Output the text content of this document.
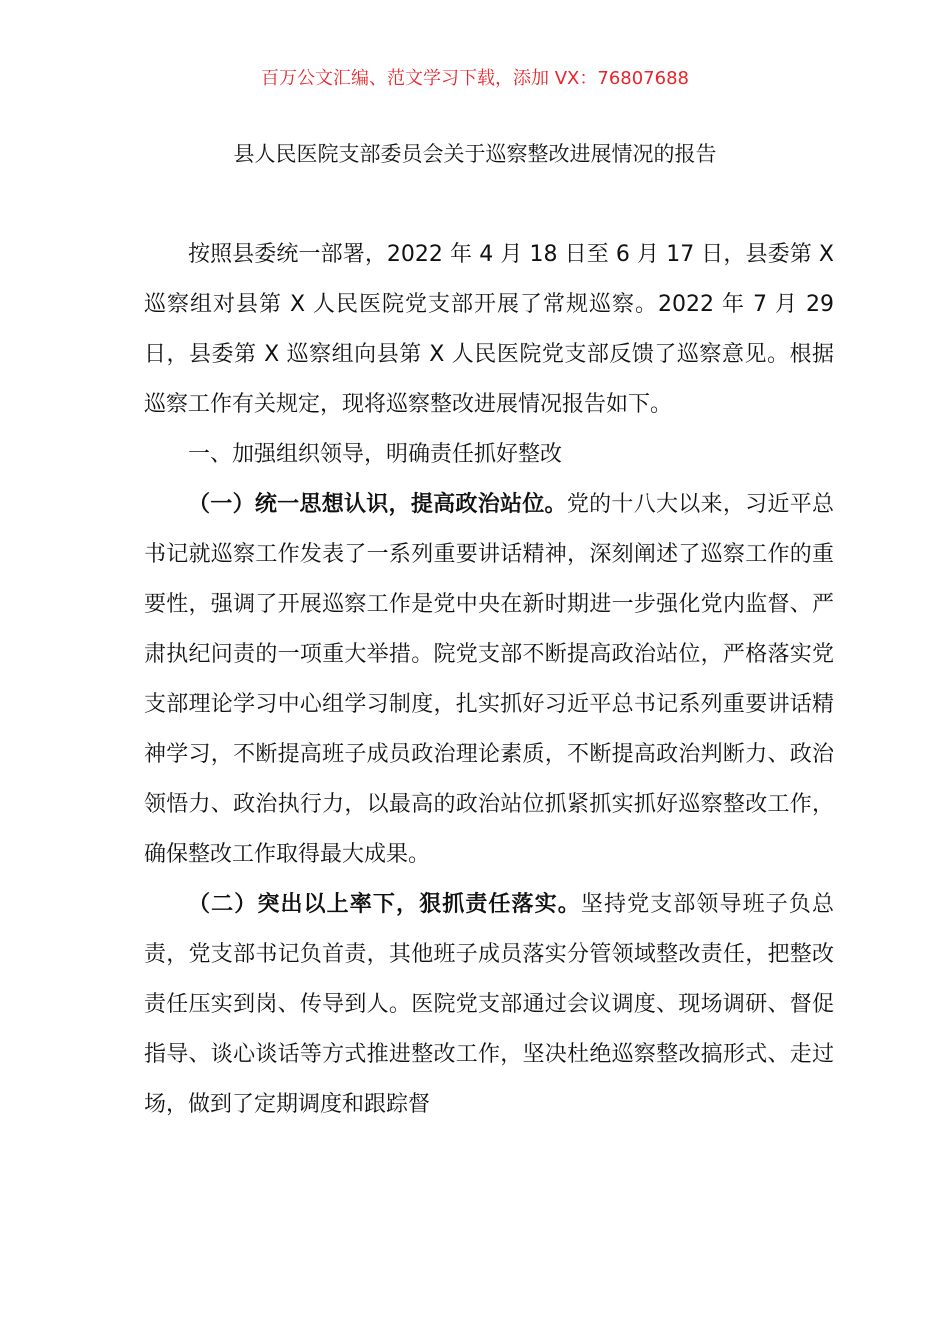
百万公文汇编、范文学习下载，添加 VX：76807688
县人民医院支部委员会关于巡察整改进展情况的报告

按照县委统一部署，2022 年 4 月 18 日至 6 月 17 日，县委第 X 巡察组对县第 X 人民医院党支部开展了常规巡察。2022 年 7 月 29 日，县委第 X 巡察组向县第 X 人民医院党支部反馈了巡察意见。根据巡察工作有关规定，现将巡察整改进展情况报告如下。

一、加强组织领导，明确责任抓好整改

（一）统一思想认识，提高政治站位。党的十八大以来，习近平总书记就巡察工作发表了一系列重要讲话精神，深刻阐述了巡察工作的重要性，强调了开展巡察工作是党中央在新时期进一步强化党内监督、严肃执纪问责的一项重大举措。院党支部不断提高政治站位，严格落实党支部理论学习中心组学习制度，扎实抓好习近平总书记系列重要讲话精神学习，不断提高班子成员政治理论素质，不断提高政治判断力、政治领悟力、政治执行力，以最高的政治站位抓紧抓实抓好巡察整改工作，确保整改工作取得最大成果。

（二）突出以上率下，狠抓责任落实。坚持党支部领导班子负总责，党支部书记负首责，其他班子成员落实分管领域整改责任，把整改责任压实到岗、传导到人。医院党支部通过会议调度、现场调研、督促指导、谈心谈话等方式推进整改工作，坚决杜绝巡察整改搞形式、走过场，做到了定期调度和跟踪督
